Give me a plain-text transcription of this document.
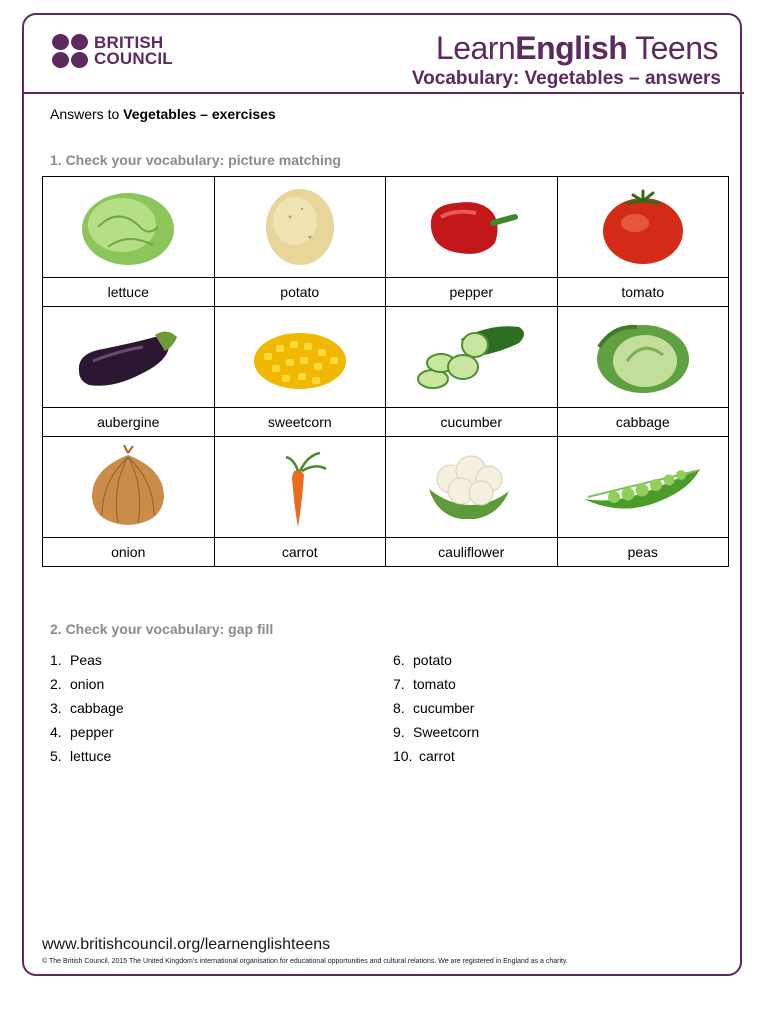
BRITISH
COUNCIL	LearnEnglish Teens
Vocabulary: Vegetables – answers
Answers to Vegetables – exercises
1. Check your vocabulary: picture matching

lettuce	potato	pepper	tomato

aubergine	sweetcorn	cucumber	cabbage

onion	carrot	cauliflower	peas
2. Check your vocabulary: gap fill
1. Peas
2. onion
3. cabbage
4. pepper
5. lettuce
6. potato
7. tomato
8. cucumber
9. Sweetcorn
10. carrot
www.britishcouncil.org/learnenglishteens
© The British Council, 2015 The United Kingdom’s international organisation for educational opportunities and cultural relations. We are registered in England as a charity.
